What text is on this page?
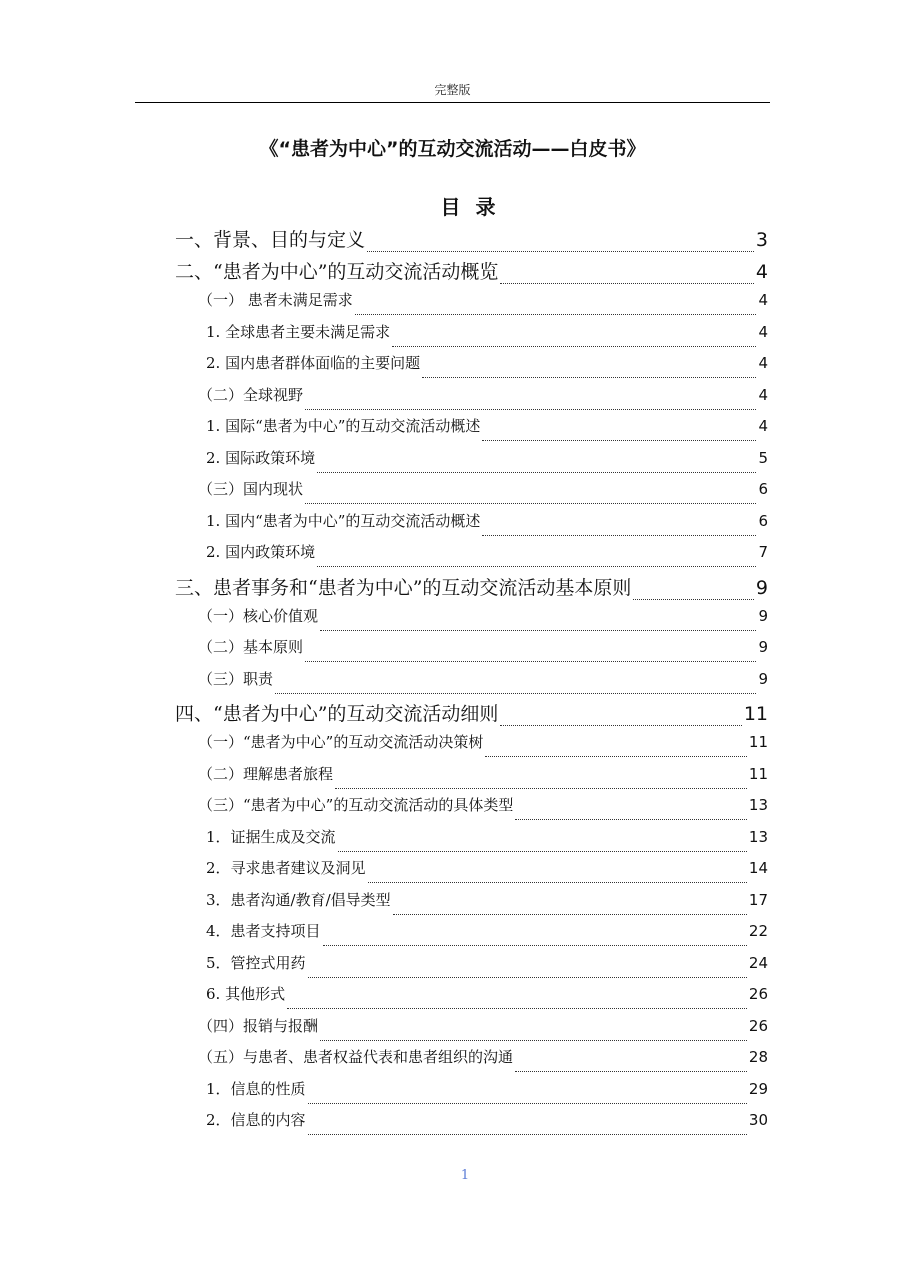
完整版
《“患者为中心”的互动交流活动——白皮书》
目 录
一、背景、目的与定义	3
二、“患者为中心”的互动交流活动概览	4
（一） 患者未满足需求	4
1. 全球患者主要未满足需求	4
2. 国内患者群体面临的主要问题	4
（二）全球视野	4
1. 国际“患者为中心”的互动交流活动概述	4
2. 国际政策环境	5
（三）国内现状	6
1. 国内“患者为中心”的互动交流活动概述	6
2. 国内政策环境	7
三、患者事务和“患者为中心”的互动交流活动基本原则	9
（一）核心价值观	9
（二）基本原则	9
（三）职责	9
四、“患者为中心”的互动交流活动细则	11
（一）“患者为中心”的互动交流活动决策树	11
（二）理解患者旅程	11
（三）“患者为中心”的互动交流活动的具体类型	13
1．证据生成及交流	13
2．寻求患者建议及洞见	14
3．患者沟通/教育/倡导类型	17
4．患者支持项目	22
5．管控式用药	24
6. 其他形式	26
（四）报销与报酬	26
（五）与患者、患者权益代表和患者组织的沟通	28
1．信息的性质	29
2．信息的内容	30
1
